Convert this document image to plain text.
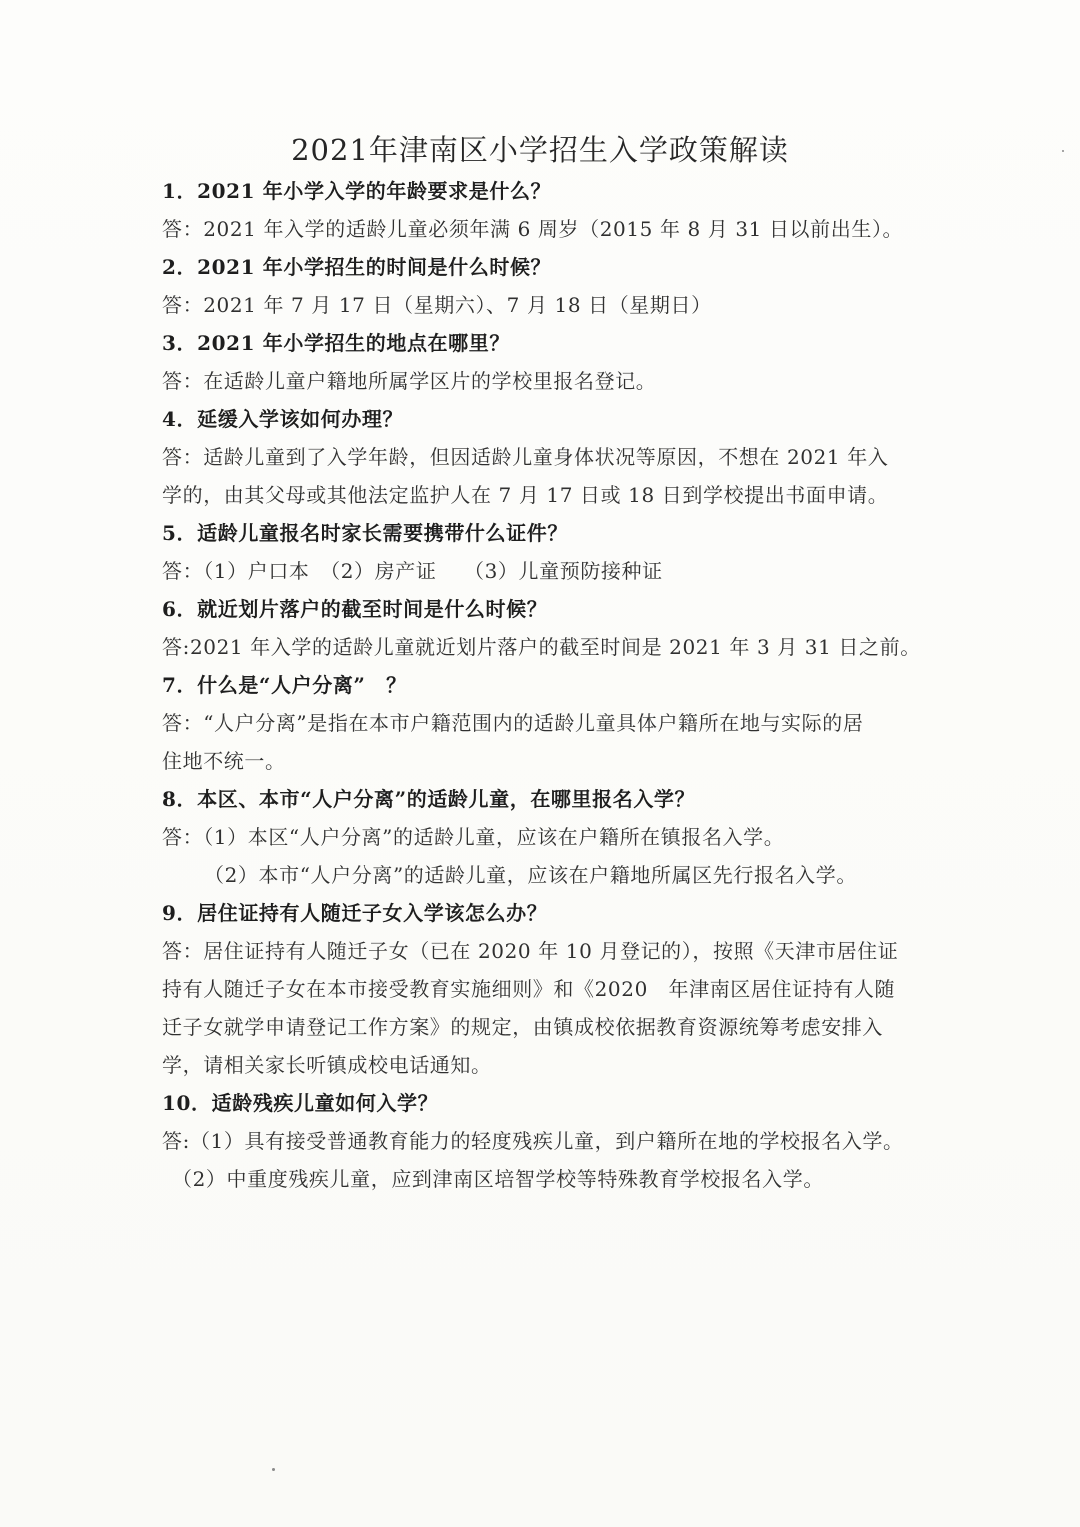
2021年津南区小学招生入学政策解读
1．2021 年小学入学的年龄要求是什么？
答：2021 年入学的适龄儿童必须年满 6 周岁（2015 年 8 月 31 日以前出生）。
2．2021 年小学招生的时间是什么时候？
答：2021 年 7 月 17 日（星期六）、7 月 18 日（星期日）
3．2021 年小学招生的地点在哪里？
答：在适龄儿童户籍地所属学区片的学校里报名登记。
4．延缓入学该如何办理？
答：适龄儿童到了入学年龄，但因适龄儿童身体状况等原因，不想在 2021 年入
学的，由其父母或其他法定监护人在 7 月 17 日或 18 日到学校提出书面申请。
5．适龄儿童报名时家长需要携带什么证件？
答：（1）户口本　（2）房产证　 （3）儿童预防接种证
6．就近划片落户的截至时间是什么时候？
答:2021 年入学的适龄儿童就近划片落户的截至时间是 2021 年 3 月 31 日之前。
7．什么是“人户分离”　？
答：“人户分离”是指在本市户籍范围内的适龄儿童具体户籍所在地与实际的居
住地不统一。
8．本区、本市“人户分离”的适龄儿童，在哪里报名入学？
答：（1）本区“人户分离”的适龄儿童，应该在户籍所在镇报名入学。
（2）本市“人户分离”的适龄儿童，应该在户籍地所属区先行报名入学。
9．居住证持有人随迁子女入学该怎么办？
答：居住证持有人随迁子女（已在 2020 年 10 月登记的），按照《天津市居住证
持有人随迁子女在本市接受教育实施细则》和《2020　年津南区居住证持有人随
迁子女就学申请登记工作方案》的规定，由镇成校依据教育资源统筹考虑安排入
学，请相关家长听镇成校电话通知。
10．适龄残疾儿童如何入学？
答:（1）具有接受普通教育能力的轻度残疾儿童，到户籍所在地的学校报名入学。
（2）中重度残疾儿童，应到津南区培智学校等特殊教育学校报名入学。
